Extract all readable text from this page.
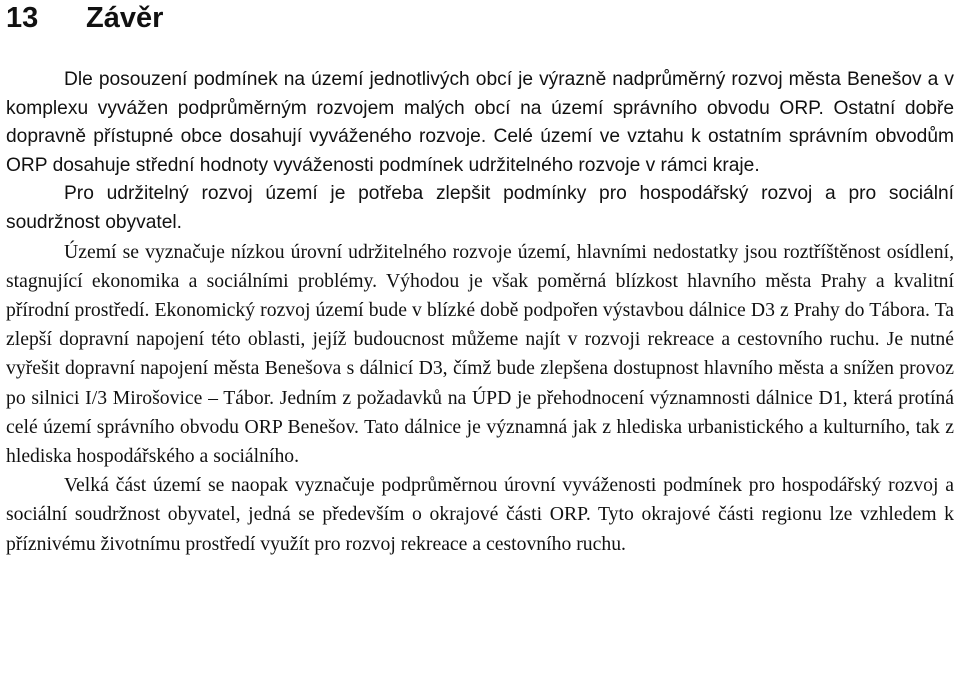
13	Závěr

Dle posouzení podmínek na území jednotlivých obcí je výrazně nadprůměrný rozvoj města Benešov a v komplexu vyvážen podprůměrným rozvojem malých obcí na území správního obvodu ORP. Ostatní dobře dopravně přístupné obce dosahují vyváženého rozvoje. Celé území ve vztahu k ostatním správním obvodům ORP dosahuje střední hodnoty vyváženosti podmínek udržitelného rozvoje v rámci kraje.

Pro udržitelný rozvoj území je potřeba zlepšit podmínky pro hospodářský rozvoj a pro sociální soudržnost obyvatel.

Území se vyznačuje nízkou úrovní udržitelného rozvoje území, hlavními nedostatky jsou roztříštěnost osídlení, stagnující ekonomika a sociálními problémy. Výhodou je však poměrná blízkost hlavního města Prahy a kvalitní přírodní prostředí. Ekonomický rozvoj území bude v blízké době podpořen výstavbou dálnice D3 z Prahy do Tábora. Ta zlepší dopravní napojení této oblasti, jejíž budoucnost můžeme najít v rozvoji rekreace a cestovního ruchu. Je nutné vyřešit dopravní napojení města Benešova s dálnicí D3, čímž bude zlepšena dostupnost hlavního města a snížen provoz po silnici I/3 Mirošovice – Tábor. Jedním z požadavků na ÚPD je přehodnocení významnosti dálnice D1, která protíná celé území správního obvodu ORP Benešov. Tato dálnice je významná jak z hlediska urbanistického a kulturního, tak z hlediska hospodářského a sociálního.

Velká část území se naopak vyznačuje podprůměrnou úrovní vyváženosti podmínek pro hospodářský rozvoj a sociální soudržnost obyvatel, jedná se především o okrajové části ORP. Tyto okrajové části regionu lze vzhledem k příznivému životnímu prostředí využít pro rozvoj rekreace a cestovního ruchu.
